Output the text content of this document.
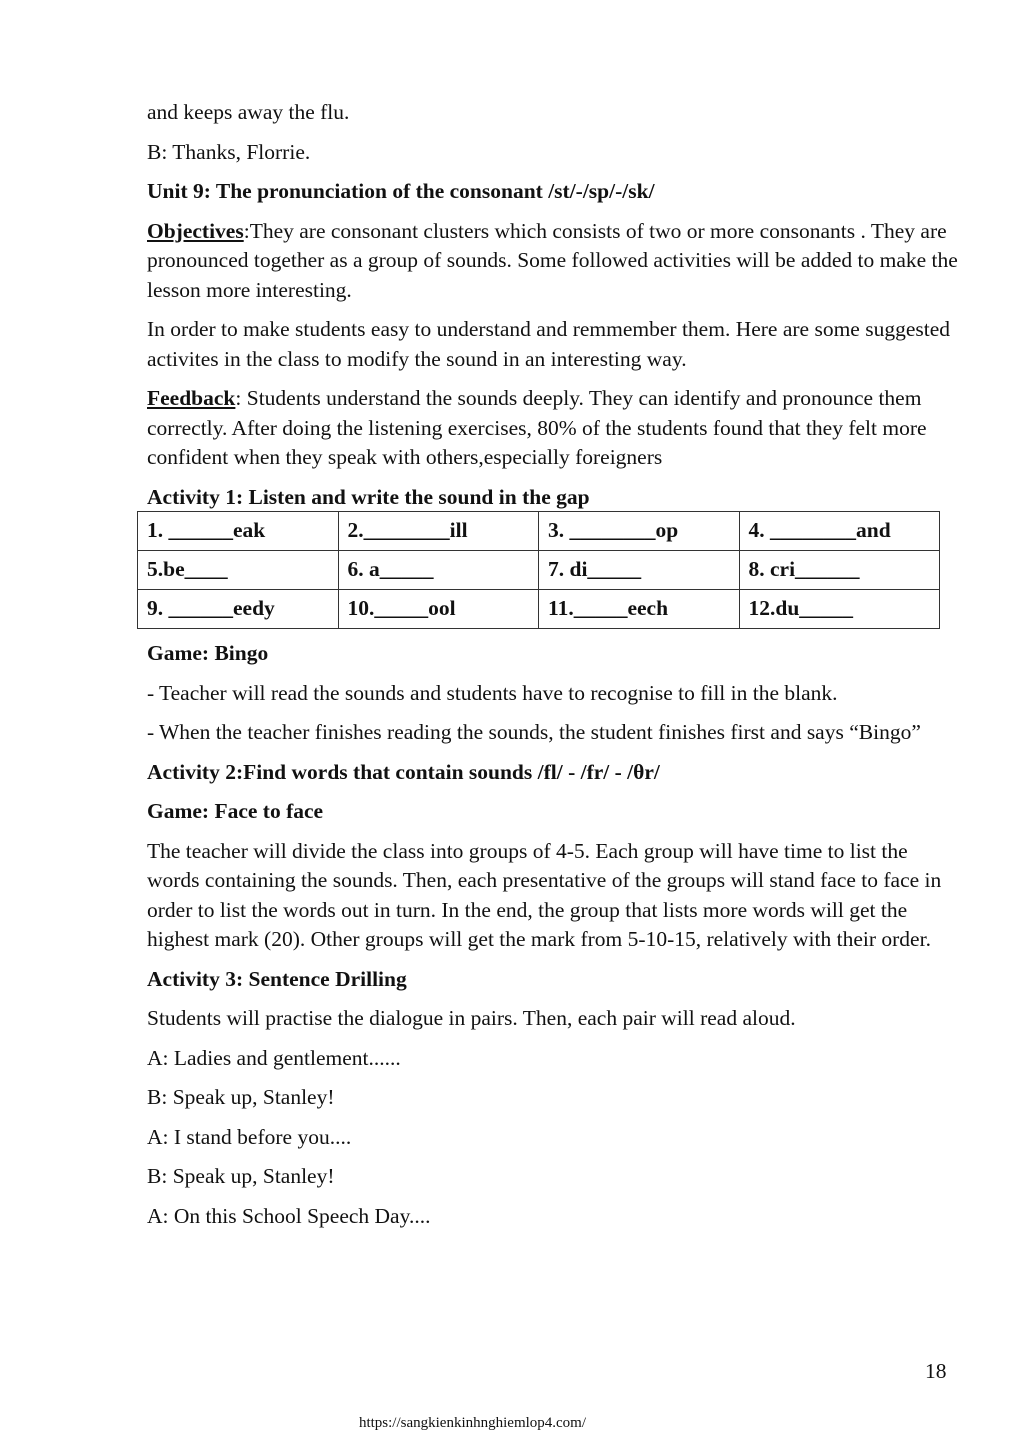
and keeps away the flu.

B: Thanks, Florrie.

Unit 9: The pronunciation of the consonant /st/-/sp/-/sk/

Objectives:They are consonant clusters which consists of two or more consonants . They are pronounced together as a group of sounds. Some followed activities will be added to make the lesson more interesting.

In order to make students easy to understand and remmember them. Here are some suggested activites in the class to modify the sound in an interesting way.

Feedback: Students understand the sounds deeply. They can identify and pronounce them correctly. After doing the listening exercises, 80% of the students found that they felt more confident when they speak with others,especially foreigners

Activity 1: Listen and write the sound in the gap

1. ______eak	2.________ill	3. ________op	4. ________and
5.be____	6. a_____	7. di_____	8. cri______
9. ______eedy	10._____ool	11._____eech	12.du_____

Game: Bingo

- Teacher will read the sounds and students have to recognise to fill in the blank.
- When the teacher finishes reading the sounds, the student finishes first and says “Bingo”

Activity 2:Find words that contain sounds /fl/ - /fr/ - /θr/

Game: Face to face

The teacher will divide the class into groups of 4-5. Each group will have time to list the words containing the sounds. Then, each presentative of the groups will stand face to face in order to list the words out in turn. In the end, the group that lists more words will get the highest mark (20). Other groups will get the mark from 5-10-15, relatively with their order.

Activity 3: Sentence Drilling

Students will practise the dialogue in pairs. Then, each pair will read aloud.

A: Ladies and gentlement......

B: Speak up, Stanley!

A: I stand before you....

B: Speak up, Stanley!

A: On this School Speech Day....

18
https://sangkienkinhnghiemlop4.com/
